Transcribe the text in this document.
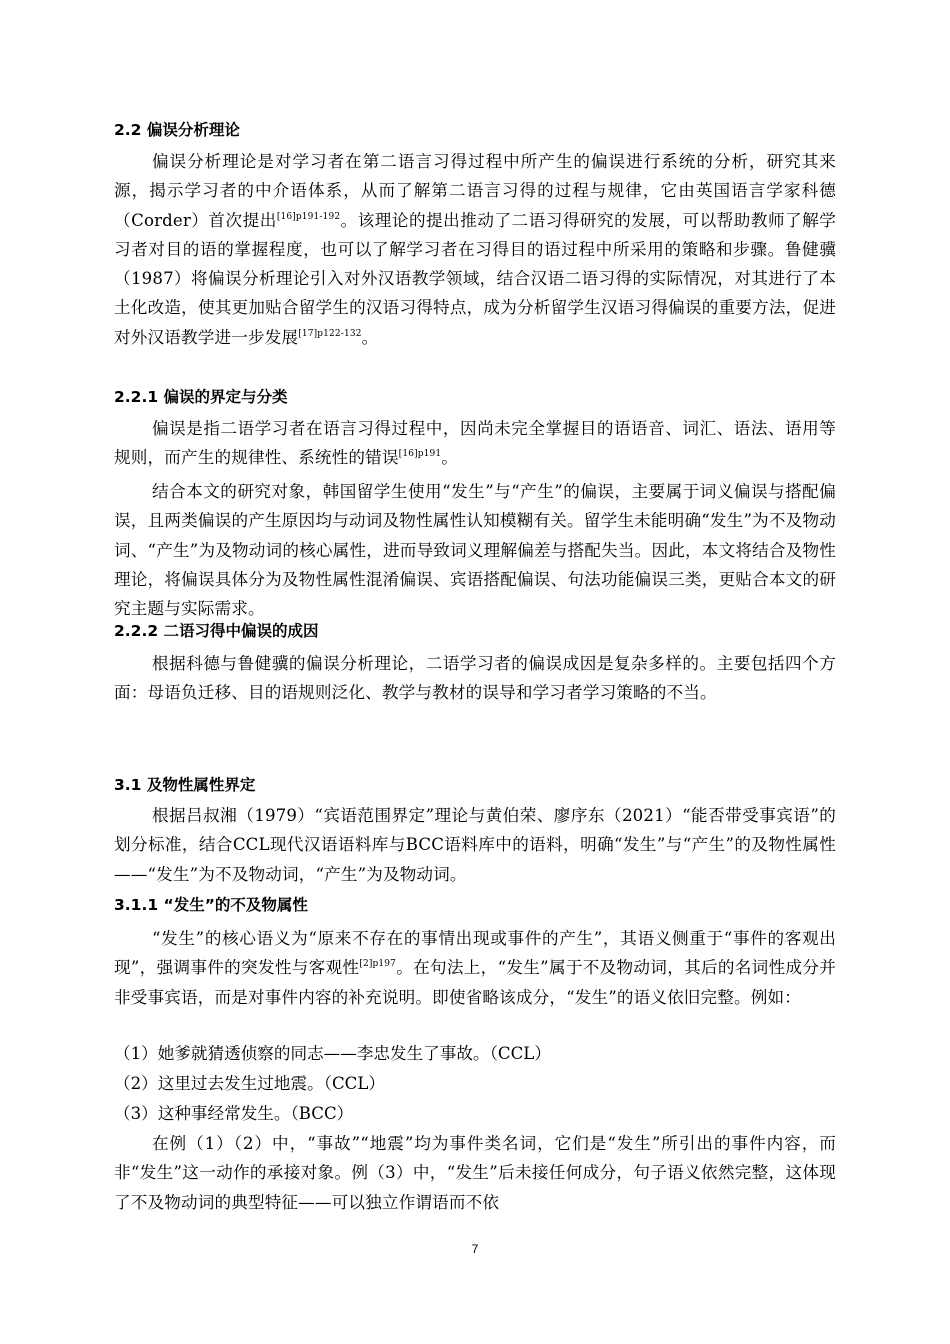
2.2 偏误分析理论

偏误分析理论是对学习者在第二语言习得过程中所产生的偏误进行系统的分析，研究其来源，揭示学习者的中介语体系，从而了解第二语言习得的过程与规律，它由英国语言学家科德（Corder）首次提出$^{[16]p191-192}$。该理论的提出推动了二语习得研究的发展，可以帮助教师了解学习者对目的语的掌握程度，也可以了解学习者在习得目的语过程中所采用的策略和步骤。鲁健骥（1987）将偏误分析理论引入对外汉语教学领域，结合汉语二语习得的实际情况，对其进行了本土化改造，使其更加贴合留学生的汉语习得特点，成为分析留学生汉语习得偏误的重要方法，促进对外汉语教学进一步发展$^{[17]p122-132}$。

2.2.1 偏误的界定与分类

偏误是指二语学习者在语言习得过程中，因尚未完全掌握目的语语音、词汇、语法、语用等规则，而产生的规律性、系统性的错误$^{[16]p191}$。

结合本文的研究对象，韩国留学生使用“发生”与“产生”的偏误，主要属于词义偏误与搭配偏误，且两类偏误的产生原因均与动词及物性属性认知模糊有关。留学生未能明确“发生”为不及物动词、“产生”为及物动词的核心属性，进而导致词义理解偏差与搭配失当。因此，本文将结合及物性理论，将偏误具体分为及物性属性混淆偏误、宾语搭配偏误、句法功能偏误三类，更贴合本文的研究主题与实际需求。

2.2.2 二语习得中偏误的成因

根据科德与鲁健骥的偏误分析理论，二语学习者的偏误成因是复杂多样的。主要包括四个方面：母语负迁移、目的语规则泛化、教学与教材的误导和学习者学习策略的不当。

3.1 及物性属性界定

根据吕叔湘（1979）“宾语范围界定”理论与黄伯荣、廖序东（2021）“能否带受事宾语”的划分标准，结合CCL现代汉语语料库与BCC语料库中的语料，明确“发生”与“产生”的及物性属性——“发生”为不及物动词，“产生”为及物动词。

3.1.1 “发生”的不及物属性

“发生”的核心语义为“原来不存在的事情出现或事件的产生”，其语义侧重于“事件的客观出现”，强调事件的突发性与客观性$^{[2]p197}$。在句法上，“发生”属于不及物动词，其后的名词性成分并非受事宾语，而是对事件内容的补充说明。即使省略该成分，“发生”的语义依旧完整。例如：

（1）她爹就猜透侦察的同志——李忠发生了事故。（CCL）
（2）这里过去发生过地震。（CCL）
（3）这种事经常发生。（BCC）

在例（1）（2）中，“事故”“地震”均为事件类名词，它们是“发生”所引出的事件内容，而非“发生”这一动作的承接对象。例（3）中，“发生”后未接任何成分，句子语义依然完整，这体现了不及物动词的典型特征——可以独立作谓语而不依

7
